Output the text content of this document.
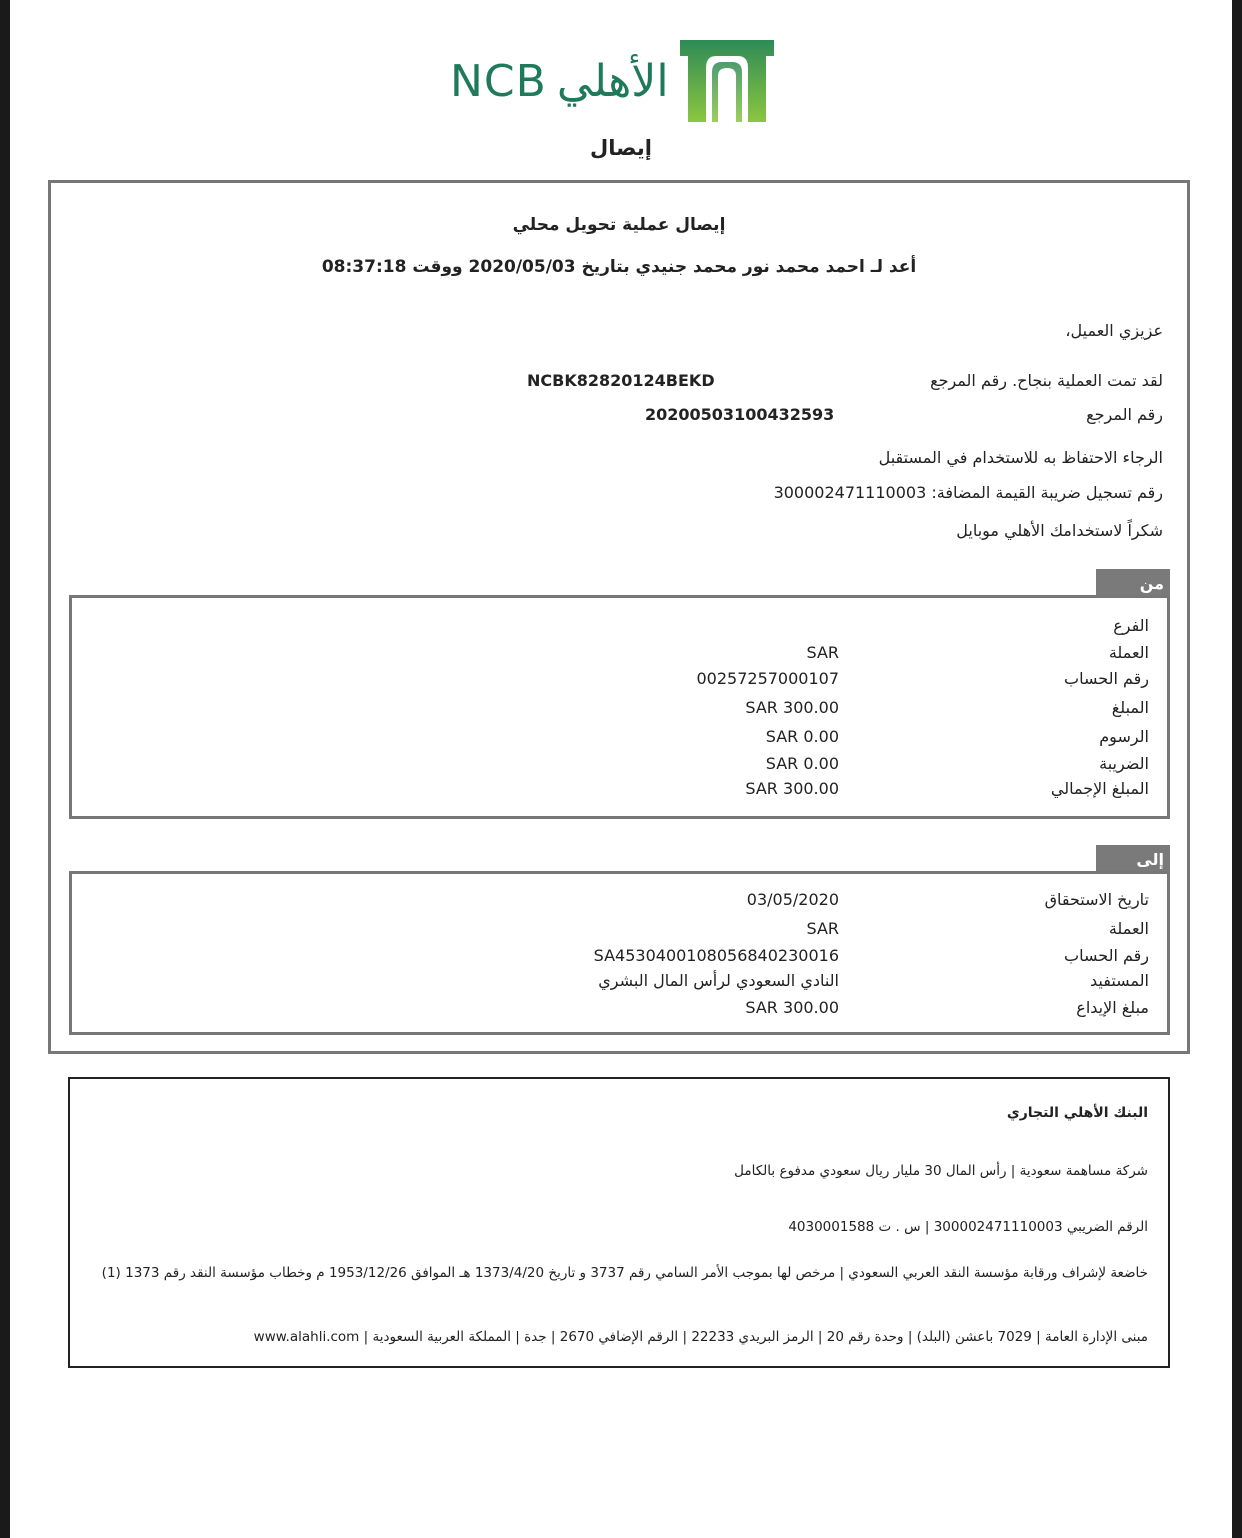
NCB الأهلي
إيصال
إيصال عملية تحويل محلي
أعد لـ احمد محمد نور محمد جنيدي بتاريخ 2020/05/03 ووقت 08:37:18
عزيزي العميل،
لقد تمت العملية بنجاح. رقم المرجع
NCBK82820124BEKD
رقم المرجع
20200503100432593
الرجاء الاحتفاظ به للاستخدام في المستقبل
رقم تسجيل ضريبة القيمة المضافة: 300002471110003
شكراً لاستخدامك الأهلي موبايل
من
الفرع
العملة
SAR
رقم الحساب
00257257000107
المبلغ
300.00 SAR
الرسوم
0.00 SAR
الضريبة
0.00 SAR
المبلغ الإجمالي
300.00 SAR
إلى
تاريخ الاستحقاق
03/05/2020
العملة
SAR
رقم الحساب
SA4530400108056840230016
المستفيد
النادي السعودي لرأس المال البشري
مبلغ الإيداع
300.00 SAR
البنك الأهلي التجاري
شركة مساهمة سعودية | رأس المال 30 مليار ريال سعودي مدفوع بالكامل
الرقم الضريبي 300002471110003 | س . ت 4030001588
خاضعة لإشراف ورقابة مؤسسة النقد العربي السعودي | مرخص لها بموجب الأمر السامي رقم 3737 و تاريخ 1373/4/20 هـ الموافق 1953/12/26 م وخطاب مؤسسة النقد رقم 1373 (1)
مبنى الإدارة العامة | 7029 باعشن (البلد) | وحدة رقم 20 | الرمز البريدي 22233 | الرقم الإضافي 2670 | جدة | المملكة العربية السعودية | www.alahli.com
